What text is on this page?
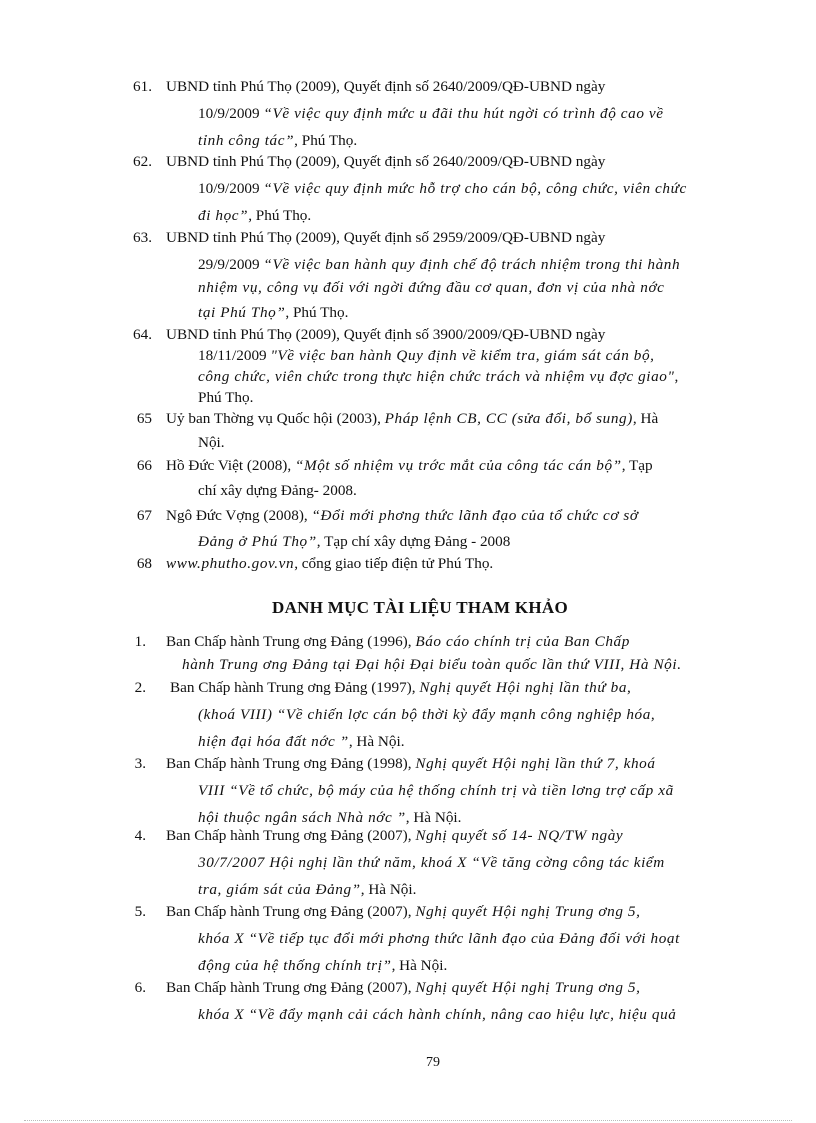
61. UBND tỉnh Phú Thọ (2009), Quyết định số 2640/2009/QĐ-UBND ngày
10/9/2009 “Về việc quy định mức u đãi thu hút ngời có trình độ cao về
tỉnh công tác”, Phú Thọ.
62. UBND tỉnh Phú Thọ (2009), Quyết định số 2640/2009/QĐ-UBND ngày
10/9/2009 “Về việc quy định mức hỗ trợ cho cán bộ, công chức, viên chức
đi học”, Phú Thọ.
63. UBND tỉnh Phú Thọ (2009), Quyết định số 2959/2009/QĐ-UBND ngày
29/9/2009 “Về việc ban hành quy định chế độ trách nhiệm trong thi hành
nhiệm vụ, công vụ đối với ngời đứng đầu cơ quan, đơn vị của nhà nớc
tại Phú Thọ”, Phú Thọ.
64. UBND tỉnh Phú Thọ (2009), Quyết định số 3900/2009/QĐ-UBND ngày
18/11/2009 "Về việc ban hành Quy định về kiểm tra, giám sát cán bộ,
công chức, viên chức trong thực hiện chức trách và nhiệm vụ đợc giao",
Phú Thọ.
65 Uỷ ban Thờng vụ Quốc hội (2003), Pháp lệnh CB, CC (sửa đổi, bổ sung), Hà
Nội.
66 Hồ Đức Việt (2008), “Một số nhiệm vụ trớc mắt của công tác cán bộ”, Tạp
chí xây dựng Đảng- 2008.
67 Ngô Đức Vợng (2008), “Đổi mới phơng thức lãnh đạo của tổ chức cơ sở
Đảng ở Phú Thọ”, Tạp chí xây dựng Đảng - 2008
68 www.phutho.gov.vn, cổng giao tiếp điện tử Phú Thọ.
DANH MỤC TÀI LIỆU THAM KHẢO
1. Ban Chấp hành Trung ơng Đảng (1996), Báo cáo chính trị của Ban Chấp
hành Trung ơng Đảng tại Đại hội Đại biểu toàn quốc lần thứ VIII, Hà Nội.
2. Ban Chấp hành Trung ơng Đảng (1997), Nghị quyết Hội nghị lần thứ ba,
(khoá VIII) “Về chiến lợc cán bộ thời kỳ đẩy mạnh công nghiệp hóa,
hiện đại hóa đất nớc ”, Hà Nội.
3. Ban Chấp hành Trung ơng Đảng (1998), Nghị quyết Hội nghị lần thứ 7, khoá
VIII “Về tổ chức, bộ máy của hệ thống chính trị và tiền lơng trợ cấp xã
hội thuộc ngân sách Nhà nớc ”, Hà Nội.
4. Ban Chấp hành Trung ơng Đảng (2007), Nghị quyết số 14- NQ/TW ngày
30/7/2007 Hội nghị lần thứ năm, khoá X “Về tăng cờng công tác kiểm
tra, giám sát của Đảng”, Hà Nội.
5. Ban Chấp hành Trung ơng Đảng (2007), Nghị quyết Hội nghị Trung ơng 5,
khóa X “Về tiếp tục đổi mới phơng thức lãnh đạo của Đảng đối với hoạt
động của hệ thống chính trị”, Hà Nội.
6. Ban Chấp hành Trung ơng Đảng (2007), Nghị quyết Hội nghị Trung ơng 5,
khóa X “Về đẩy mạnh cải cách hành chính, nâng cao hiệu lực, hiệu quả
79
